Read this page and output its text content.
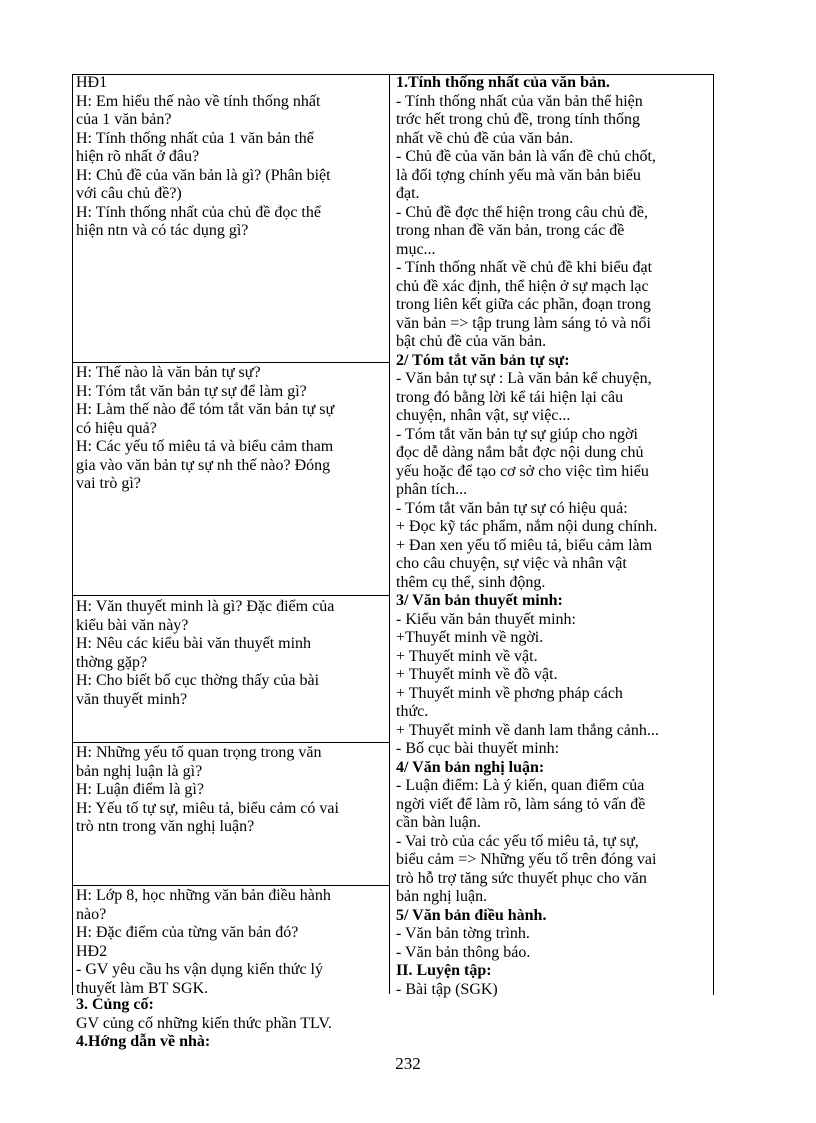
HĐ1
H: Em hiểu thế nào về tính thống nhất
của 1 văn bản?
H: Tính thống nhất của 1 văn bản thể
hiện rõ nhất ở đâu?
H: Chủ đề của văn bản là gì? (Phân biệt
với câu chủ đề?)
H: Tính thống nhất của chủ đề đọc thể
hiện ntn và có tác dụng gì?
H: Thế nào là văn bản tự sự?
H: Tóm tắt văn bản tự sự để làm gì?
H: Làm thế nào để tóm tắt văn bản tự sự
có hiệu quả?
H: Các yếu tố miêu tả và biểu cảm tham
gia vào văn bản tự sự nh thế nào? Đóng
vai trò gì?
H: Văn thuyết minh là gì? Đặc điểm của
kiểu bài văn này?
H: Nêu các kiểu bài văn thuyết minh
thờng gặp?
H: Cho biết bố cục thờng thấy của bài
văn thuyết minh?
H: Những yếu tố quan trọng trong văn
bản nghị luận là gì?
H: Luận điểm là gì?
H: Yếu tố tự sự, miêu tả, biểu cảm có vai
trò ntn trong văn nghị luận?
H: Lớp 8, học những văn bản điều hành
nào?
H: Đặc điểm của từng văn bản đó?
HĐ2
- GV yêu cầu hs vận dụng kiến thức lý
thuyết làm BT SGK.
1.Tính thống nhất của văn bản.
- Tính thống nhất của văn bản thể hiện
trớc hết trong chủ đề, trong tính thống
nhất về chủ đề của văn bản.
- Chủ đề của văn bản là vấn đề chủ chốt,
là đối tợng chính yếu mà văn bản biểu
đạt.
- Chủ đề đợc thể hiện trong câu chủ đề,
trong nhan đề văn bản, trong các đề
mục...
- Tính thống nhất về chủ đề khi biểu đạt
chủ đề xác định, thể hiện ở sự mạch lạc
trong liên kết giữa các phần, đoạn trong
văn bản => tập trung làm sáng tỏ và nổi
bật chủ đề của văn bản.
2/ Tóm tắt văn bản tự sự:
- Văn bản tự sự : Là văn bản kể chuyện,
trong đó bằng lời kể tái hiện lại câu
chuyện, nhân vật, sự việc...
- Tóm tắt văn bản tự sự giúp cho ngời
đọc dễ dàng nắm bắt đợc nội dung chủ
yếu hoặc để tạo cơ sở cho việc tìm hiểu
phân tích...
- Tóm tắt văn bản tự sự có hiệu quả:
+ Đọc kỹ tác phẩm, nắm nội dung chính.
+ Đan xen yếu tố miêu tả, biểu cảm làm
cho câu chuyện, sự việc và nhân vật
thêm cụ thể, sinh động.
3/ Văn bản thuyết minh:
- Kiểu văn bản thuyết minh:
+Thuyết minh về ngời.
+ Thuyết minh về vật.
+ Thuyết minh về đồ vật.
+ Thuyết minh về phơng pháp cách
thức.
+ Thuyết minh về danh lam thắng cảnh...
- Bố cục bài thuyết minh:
4/ Văn bản nghị luận:
- Luận điểm: Là ý kiến, quan điểm của
ngời viết để làm rõ, làm sáng tỏ vấn đề
cần bàn luận.
- Vai trò của các yếu tố miêu tả, tự sự,
biểu cảm => Những yếu tố trên đóng vai
trò hỗ trợ tăng sức thuyết phục cho văn
bản nghị luận.
5/ Văn bản điều hành.
- Văn bản tờng trình.
- Văn bản thông báo.
II. Luyện tập:
- Bài tập (SGK)
3. Củng cố:
GV củng cố những kiến thức phần TLV.
4.Hớng dẫn về nhà:
232
